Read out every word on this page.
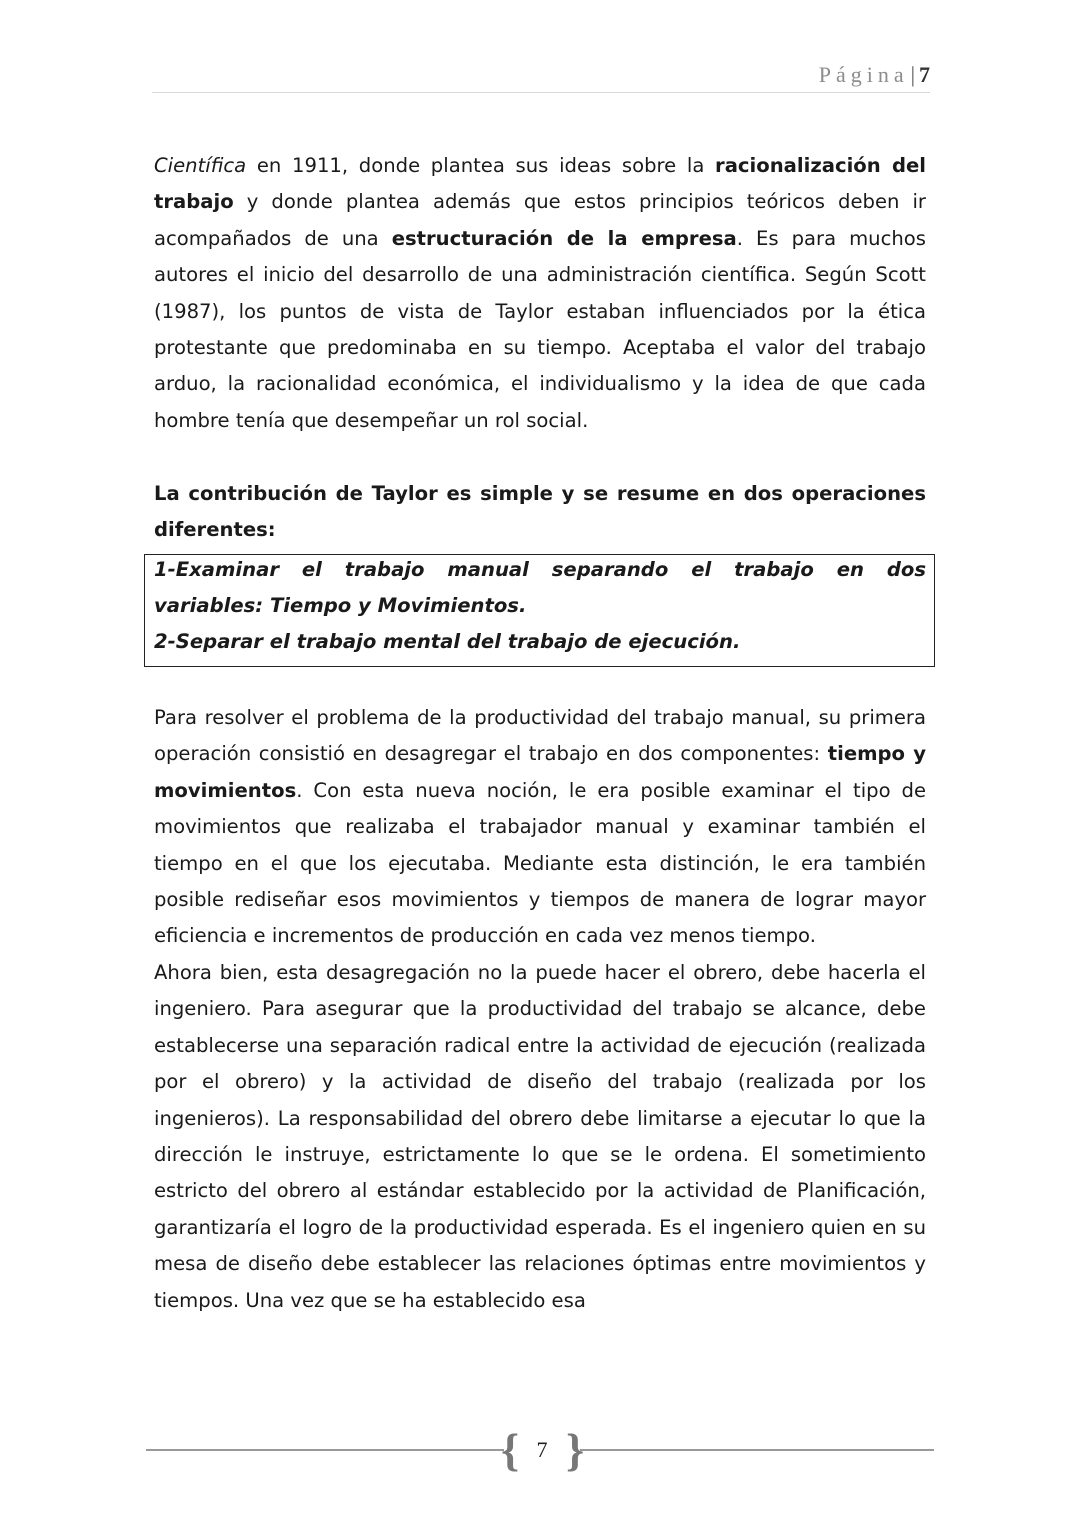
Página| 7

Científica en 1911, donde plantea sus ideas sobre la racionalización del trabajo y donde plantea además que estos principios teóricos deben ir acompañados de una estructuración de la empresa. Es para muchos autores el inicio del desarrollo de una administración científica. Según Scott (1987), los puntos de vista de Taylor estaban influenciados por la ética protestante que predominaba en su tiempo. Aceptaba el valor del trabajo arduo, la racionalidad económica, el individualismo y la idea de que cada hombre tenía que desempeñar un rol social.

La contribución de Taylor es simple y se resume en dos operaciones diferentes:

1-Examinar el trabajo manual separando el trabajo en dos

variables: Tiempo y Movimientos.

2-Separar el trabajo mental del trabajo de ejecución.

Para resolver el problema de la productividad del trabajo manual, su primera operación consistió en desagregar el trabajo en dos componentes: tiempo y movimientos. Con esta nueva noción, le era posible examinar el tipo de movimientos que realizaba el trabajador manual y examinar también el tiempo en el que los ejecutaba. Mediante esta distinción, le era también posible rediseñar esos movimientos y tiempos de manera de lograr mayor eficiencia e incrementos de producción en cada vez menos tiempo.

Ahora bien, esta desagregación no la puede hacer el obrero, debe hacerla el ingeniero. Para asegurar que la productividad del trabajo se alcance, debe establecerse una separación radical entre la actividad de ejecución (realizada por el obrero) y la actividad de diseño del trabajo (realizada por los ingenieros). La responsabilidad del obrero debe limitarse a ejecutar lo que la dirección le instruye, estrictamente lo que se le ordena. El sometimiento estricto del obrero al estándar establecido por la actividad de Planificación, garantizaría el logro de la productividad esperada. Es el ingeniero quien en su mesa de diseño debe establecer las relaciones óptimas entre movimientos y tiempos. Una vez que se ha establecido esa

{ }
7
